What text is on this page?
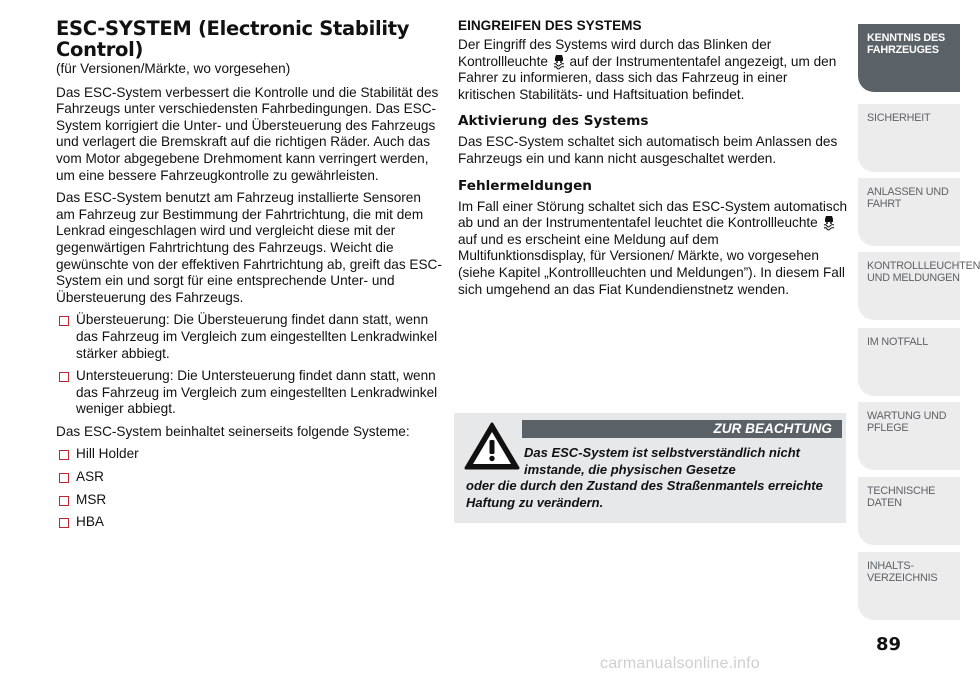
ESC-SYSTEM (Electronic Stability Control)

(für Versionen/Märkte, wo vorgesehen)

Das ESC-System verbessert die Kontrolle und die Stabilität des Fahrzeugs unter verschiedensten Fahrbedingungen. Das ESC-System korrigiert die Unter- und Übersteuerung des Fahrzeugs und verlagert die Bremskraft auf die richtigen Räder. Auch das vom Motor abgegebene Drehmoment kann verringert werden, um eine bessere Fahrzeugkontrolle zu gewährleisten.

Das ESC-System benutzt am Fahrzeug installierte Sensoren am Fahrzeug zur Bestimmung der Fahrtrichtung, die mit dem Lenkrad eingeschlagen wird und vergleicht diese mit der gegenwärtigen Fahrtrichtung des Fahrzeugs. Weicht die gewünschte von der effektiven Fahrtrichtung ab, greift das ESC-System ein und sorgt für eine entsprechende Unter- und Übersteuerung des Fahrzeugs.

Übersteuerung: Die Übersteuerung findet dann statt, wenn das Fahrzeug im Vergleich zum eingestellten Lenkradwinkel stärker abbiegt.
Untersteuerung: Die Untersteuerung findet dann statt, wenn das Fahrzeug im Vergleich zum eingestellten Lenkradwinkel weniger abbiegt.

Das ESC-System beinhaltet seinerseits folgende Systeme:

Hill Holder
ASR
MSR
HBA
EINGREIFEN DES SYSTEMS

Der Eingriff des Systems wird durch das Blinken der Kontrollleuchte auf der Instrumententafel angezeigt, um den Fahrer zu informieren, dass sich das Fahrzeug in einer kritischen Stabilitäts- und Haftsituation befindet.

Aktivierung des Systems

Das ESC-System schaltet sich automatisch beim Anlassen des Fahrzeugs ein und kann nicht ausgeschaltet werden.

Fehlermeldungen

Im Fall einer Störung schaltet sich das ESC-System automatisch ab und an der Instrumententafel leuchtet die Kontrollleuchte  auf und es erscheint eine Meldung auf dem Multifunktionsdisplay, für Versionen/ Märkte, wo vorgesehen (siehe Kapitel „Kontrollleuchten und Meldungen”). In diesem Fall sich umgehend an das Fiat Kundendienstnetz wenden.

ZUR BEACHTUNG
Das ESC-System ist selbstverständlich nicht imstande, die physischen Gesetze
oder die durch den Zustand des Straßenmantels erreichte Haftung zu verändern.
KENNTNIS DES FAHRZEUGES
SICHERHEIT
ANLASSEN UND FAHRT
KONTROLLLEUCHTEN UND MELDUNGEN
IM NOTFALL
WARTUNG UND PFLEGE
TECHNISCHE DATEN
INHALTS-VERZEICHNIS
89
carmanualsonline.info
